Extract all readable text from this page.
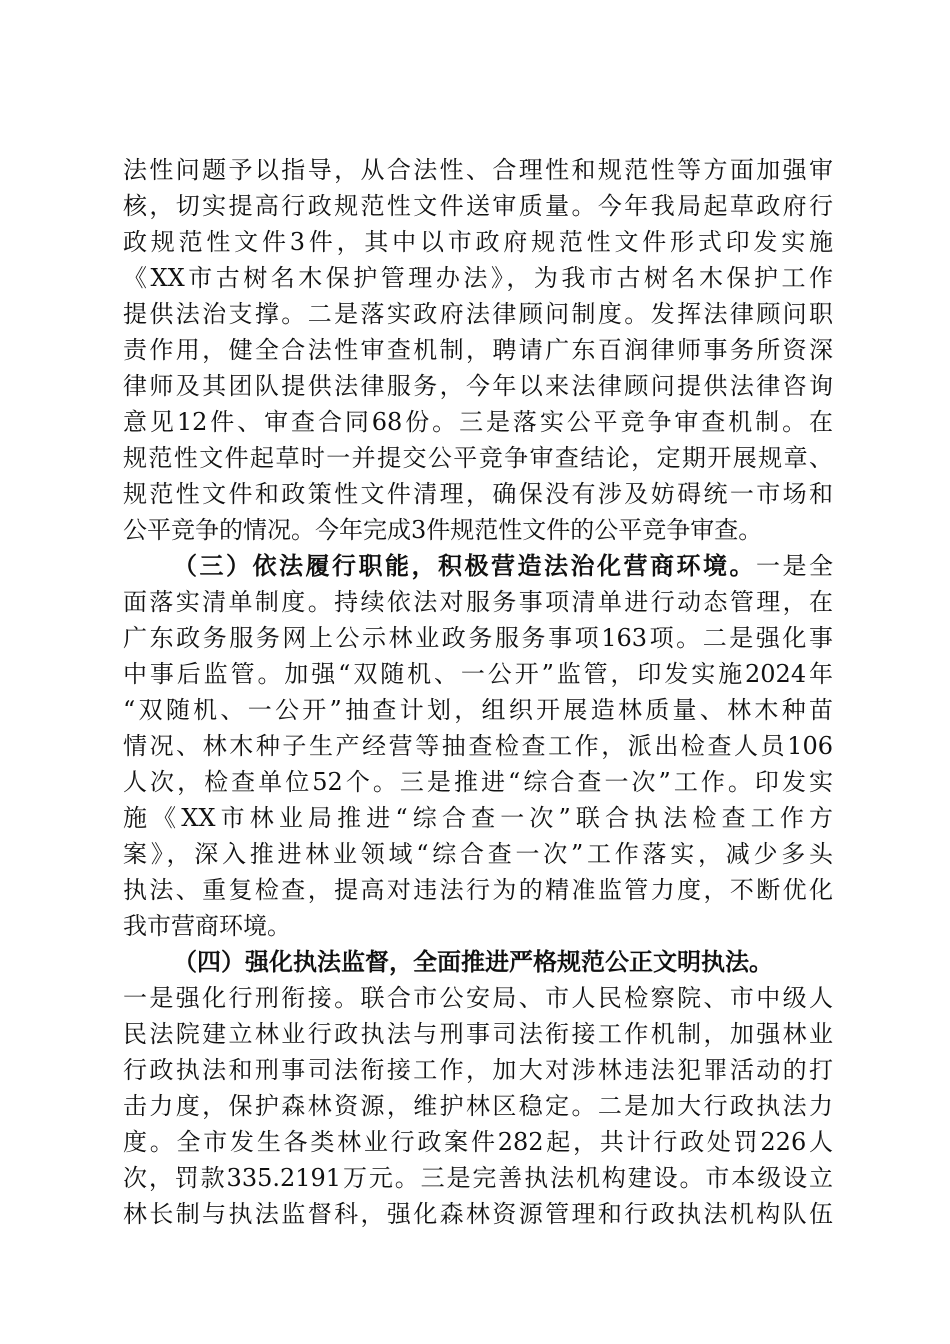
法性问题予以指导，从合法性、合理性和规范性等方面加强审
核，切实提高行政规范性文件送审质量。今年我局起草政府行
政规范性文件3件，其中以市政府规范性文件形式印发实施
《XX市古树名木保护管理办法》，为我市古树名木保护工作
提供法治支撑。二是落实政府法律顾问制度。发挥法律顾问职
责作用，健全合法性审查机制，聘请广东百润律师事务所资深
律师及其团队提供法律服务，今年以来法律顾问提供法律咨询
意见12件、审查合同68份。三是落实公平竞争审查机制。在
规范性文件起草时一并提交公平竞争审查结论，定期开展规章、
规范性文件和政策性文件清理，确保没有涉及妨碍统一市场和
公平竞争的情况。今年完成3件规范性文件的公平竞争审查。
（三）依法履行职能，积极营造法治化营商环境。一是全
面落实清单制度。持续依法对服务事项清单进行动态管理，在
广东政务服务网上公示林业政务服务事项163项。二是强化事
中事后监管。加强“双随机、一公开”监管，印发实施2024年
“双随机、一公开”抽查计划，组织开展造林质量、林木种苗
情况、林木种子生产经营等抽查检查工作，派出检查人员106
人次，检查单位52个。三是推进“综合查一次”工作。印发实
施《XX市林业局推进“综合查一次”联合执法检查工作方
案》，深入推进林业领域“综合查一次”工作落实，减少多头
执法、重复检查，提高对违法行为的精准监管力度，不断优化
我市营商环境。
（四）强化执法监督，全面推进严格规范公正文明执法。
一是强化行刑衔接。联合市公安局、市人民检察院、市中级人
民法院建立林业行政执法与刑事司法衔接工作机制，加强林业
行政执法和刑事司法衔接工作，加大对涉林违法犯罪活动的打
击力度，保护森林资源，维护林区稳定。二是加大行政执法力
度。全市发生各类林业行政案件282起，共计行政处罚226人
次，罚款335.2191万元。三是完善执法机构建设。市本级设立
林长制与执法监督科，强化森林资源管理和行政执法机构队伍
